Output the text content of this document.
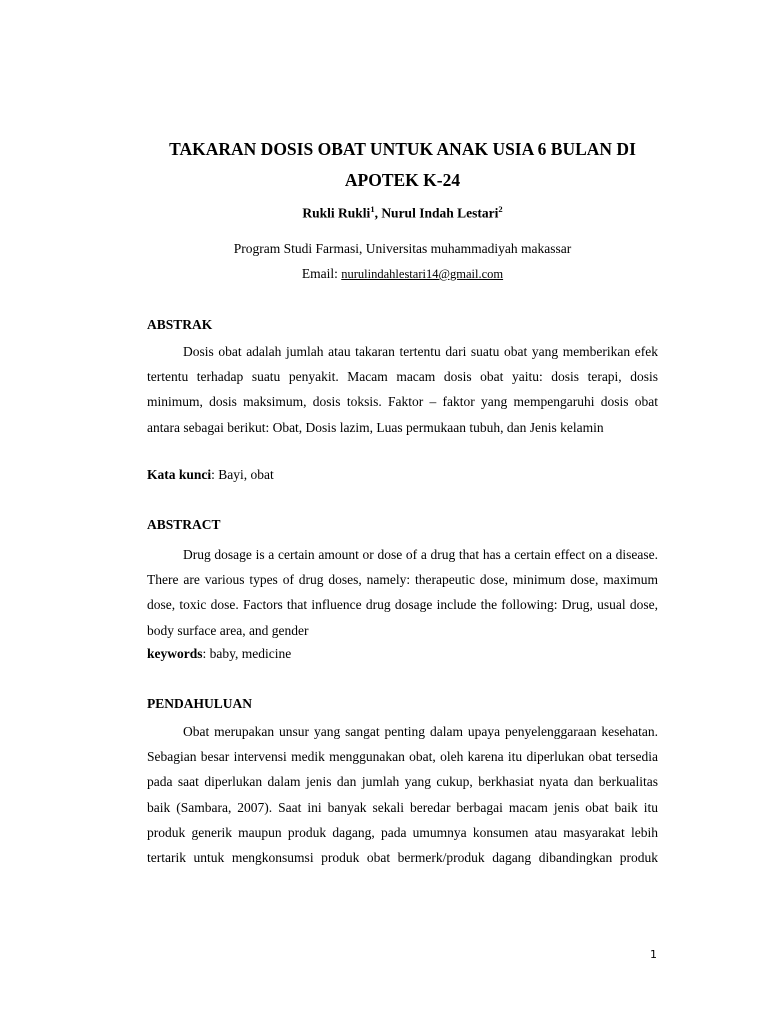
TAKARAN DOSIS OBAT UNTUK ANAK USIA 6 BULAN DI
APOTEK K-24
Rukli Rukli$^1$, Nurul Indah Lestari$^2$
Program Studi Farmasi, Universitas muhammadiyah makassar
Email: nurulindahlestari14@gmail.com
ABSTRAK

Dosis obat adalah jumlah atau takaran tertentu dari suatu obat yang memberikan efek tertentu terhadap suatu penyakit. Macam macam dosis obat yaitu: dosis terapi, dosis minimum, dosis maksimum, dosis toksis. Faktor – faktor yang mempengaruhi dosis obat antara sebagai berikut: Obat, Dosis lazim, Luas permukaan tubuh, dan Jenis kelamin

Kata kunci: Bayi, obat
ABSTRACT

Drug dosage is a certain amount or dose of a drug that has a certain effect on a disease. There are various types of drug doses, namely: therapeutic dose, minimum dose, maximum dose, toxic dose. Factors that influence drug dosage include the following: Drug, usual dose, body surface area, and gender

keywords: baby, medicine
PENDAHULUAN

Obat merupakan unsur yang sangat penting dalam upaya penyelenggaraan kesehatan. Sebagian besar intervensi medik menggunakan obat, oleh karena itu diperlukan obat tersedia pada saat diperlukan dalam jenis dan jumlah yang cukup, berkhasiat nyata dan berkualitas baik (Sambara, 2007). Saat ini banyak sekali beredar berbagai macam jenis obat baik itu produk generik maupun produk dagang, pada umumnya konsumen atau masyarakat lebih tertarik untuk mengkonsumsi produk obat bermerk/produk dagang dibandingkan produk

1
